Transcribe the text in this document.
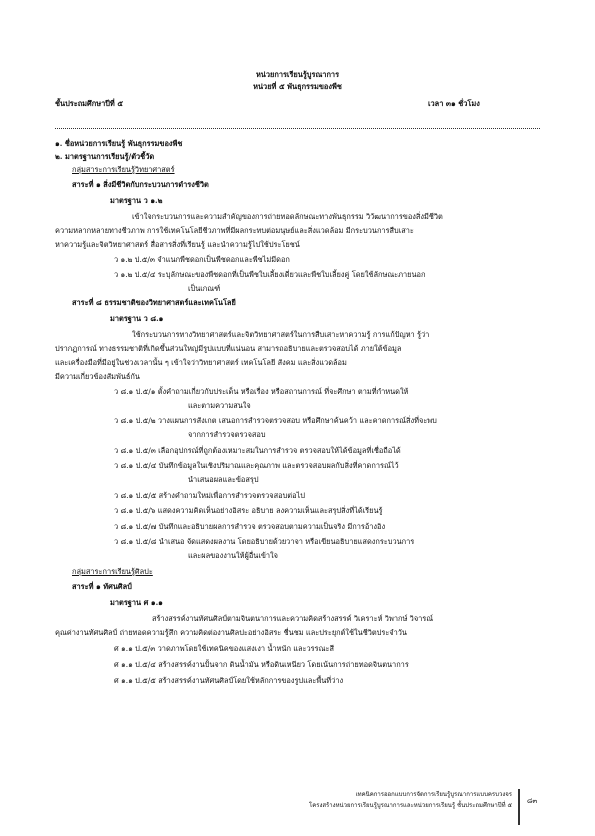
หน่วยการเรียนรู้บูรณาการ
หน่วยที่ ๕ พันธุกรรมของพืช
ชั้นประถมศึกษาปีที่ ๕	เวลา ๓๑ ชั่วโมง
๑. ชื่อหน่วยการเรียนรู้ พันธุกรรมของพืช
๒. มาตรฐานการเรียนรู้/ตัวชี้วัด
กลุ่มสาระการเรียนรู้วิทยาศาสตร์
สาระที่ ๑ สิ่งมีชีวิตกับกระบวนการดำรงชีวิต
มาตรฐาน ว ๑.๒
เข้าใจกระบวนการและความสำคัญของการถ่ายทอดลักษณะทางพันธุกรรม วิวัฒนาการของสิ่งมีชีวิต
ความหลากหลายทางชีวภาพ การใช้เทคโนโลยีชีวภาพที่มีผลกระทบต่อมนุษย์และสิ่งแวดล้อม มีกระบวนการสืบเสาะ
หาความรู้และจิตวิทยาศาสตร์ สื่อสารสิ่งที่เรียนรู้ และนำความรู้ไปใช้ประโยชน์
ว ๑.๒ ป.๕/๓ จำแนกพืชดอกเป็นพืชดอกและพืชไม่มีดอก
ว ๑.๒ ป.๕/๔ ระบุลักษณะของพืชดอกที่เป็นพืชใบเลี้ยงเดี่ยวและพืชใบเลี้ยงคู่ โดยใช้ลักษณะภายนอก
เป็นเกณฑ์
สาระที่ ๘ ธรรมชาติของวิทยาศาสตร์และเทคโนโลยี
มาตรฐาน ว ๘.๑
ใช้กระบวนการทางวิทยาศาสตร์และจิตวิทยาศาสตร์ในการสืบเสาะหาความรู้ การแก้ปัญหา รู้ว่า
ปรากฏการณ์ ทางธรรมชาติที่เกิดขึ้นส่วนใหญ่มีรูปแบบที่แน่นอน สามารถอธิบายและตรวจสอบได้ ภายใต้ข้อมูล
และเครื่องมือที่มีอยู่ในช่วงเวลานั้น ๆ เข้าใจว่าวิทยาศาสตร์ เทคโนโลยี สังคม และสิ่งแวดล้อม
มีความเกี่ยวข้องสัมพันธ์กัน
ว ๘.๑ ป.๕/๑ ตั้งคำถามเกี่ยวกับประเด็น หรือเรื่อง หรือสถานการณ์ ที่จะศึกษา ตามที่กำหนดให้
และตามความสนใจ
ว ๘.๑ ป.๕/๒ วางแผนการสังเกต เสนอการสำรวจตรวจสอบ หรือศึกษาค้นคว้า และคาดการณ์สิ่งที่จะพบ
จากการสำรวจตรวจสอบ
ว ๘.๑ ป.๕/๓ เลือกอุปกรณ์ที่ถูกต้องเหมาะสมในการสำรวจ ตรวจสอบให้ได้ข้อมูลที่เชื่อถือได้
ว ๘.๑ ป.๕/๔ บันทึกข้อมูลในเชิงปริมาณและคุณภาพ และตรวจสอบผลกับสิ่งที่คาดการณ์ไว้
นำเสนอผลและข้อสรุป
ว ๘.๑ ป.๕/๕ สร้างคำถามใหม่เพื่อการสำรวจตรวจสอบต่อไป
ว ๘.๑ ป.๕/๖ แสดงความคิดเห็นอย่างอิสระ อธิบาย ลงความเห็นและสรุปสิ่งที่ได้เรียนรู้
ว ๘.๑ ป.๕/๗ บันทึกและอธิบายผลการสำรวจ ตรวจสอบตามความเป็นจริง มีการอ้างอิง
ว ๘.๑ ป.๕/๘ นำเสนอ จัดแสดงผลงาน โดยอธิบายด้วยวาจา หรือเขียนอธิบายแสดงกระบวนการ
และผลของงานให้ผู้อื่นเข้าใจ
กลุ่มสาระการเรียนรู้ศิลปะ
สาระที่ ๑ ทัศนศิลป์
มาตรฐาน ศ ๑.๑
สร้างสรรค์งานทัศนศิลป์ตามจินตนาการและความคิดสร้างสรรค์ วิเคราะห์ วิพากษ์ วิจารณ์
คุณค่างานทัศนศิลป์ ถ่ายทอดความรู้สึก ความคิดต่องานศิลปะอย่างอิสระ ชื่นชม และประยุกต์ใช้ในชีวิตประจำวัน
ศ ๑.๑ ป.๕/๓ วาดภาพโดยใช้เทคนิคของแสงเงา น้ำหนัก และวรรณะสี
ศ ๑.๑ ป.๕/๔ สร้างสรรค์งานปั้นจาก ดินน้ำมัน หรือดินเหนียว โดยเน้นการถ่ายทอดจินตนาการ
ศ ๑.๑ ป.๕/๕ สร้างสรรค์งานทัศนศิลป์โดยใช้หลักการของรูปและพื้นที่ว่าง
เทคนิคการออกแบบการจัดการเรียนรู้บูรณาการแบบครบวงจร
โครงสร้างหน่วยการเรียนรู้บูรณาการและหน่วยการเรียนรู้ ชั้นประถมศึกษาปีที่ ๕
๘๓
